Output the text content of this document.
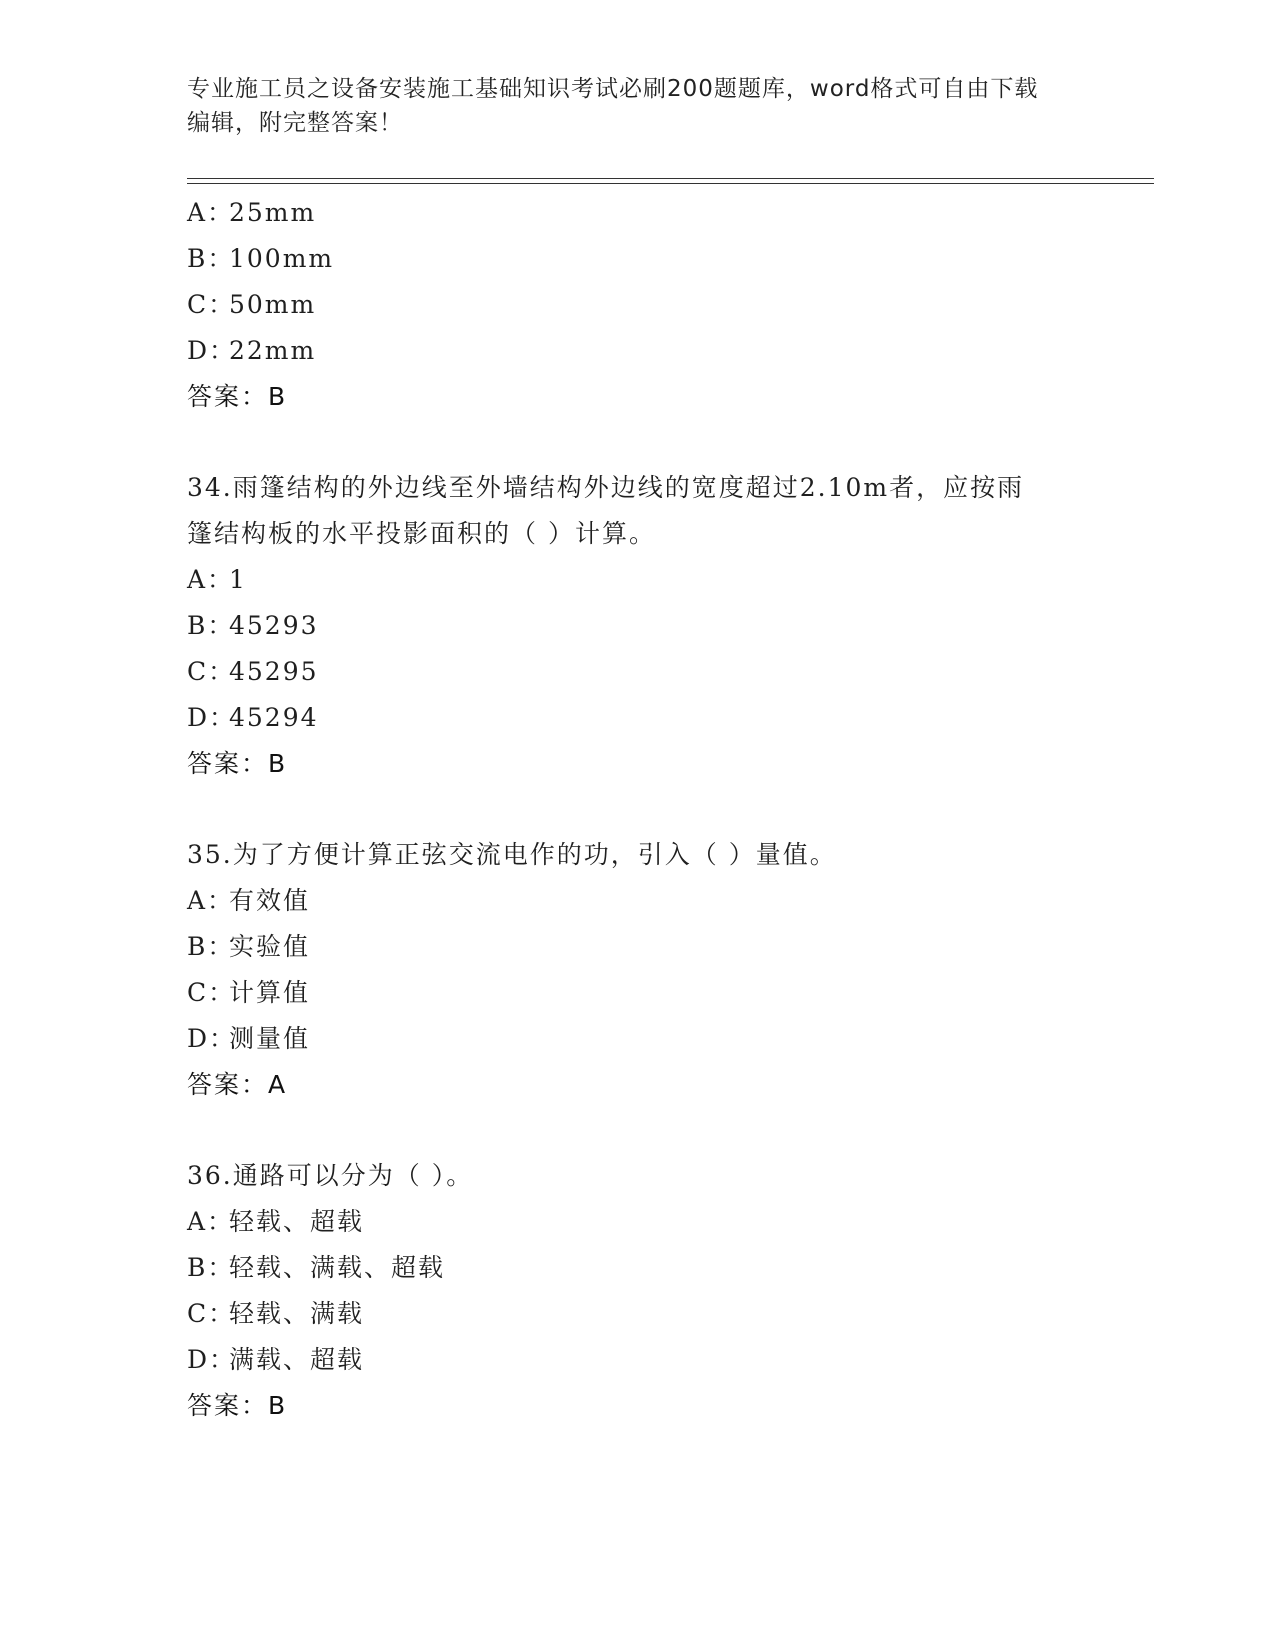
专业施工员之设备安装施工基础知识考试必刷200题题库，word格式可自由下载
编辑，附完整答案！
A：25mm
B：100mm
C：50mm
D：22mm
答案：B
34.雨篷结构的外边线至外墙结构外边线的宽度超过2.10m者，应按雨
篷结构板的水平投影面积的（ ）计算。
A：1
B：45293
C：45295
D：45294
答案：B
35.为了方便计算正弦交流电作的功，引入（ ）量值。
A：有效值
B：实验值
C：计算值
D：测量值
答案：A
36.通路可以分为（ ）。
A：轻载、超载
B：轻载、满载、超载
C：轻载、满载
D：满载、超载
答案：B
